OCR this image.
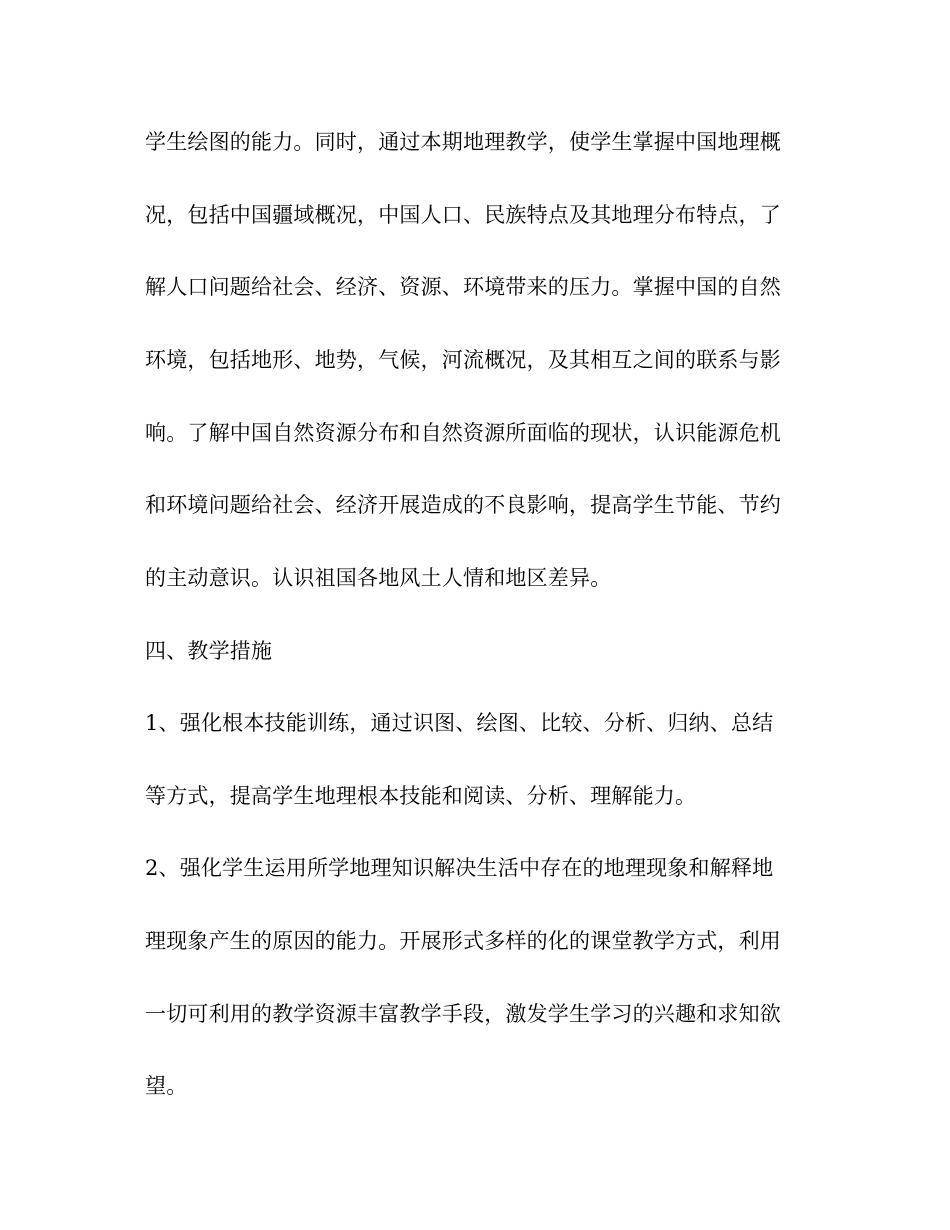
学生绘图的能力。同时，通过本期地理教学，使学生掌握中国地理概
况，包括中国疆域概况，中国人口、民族特点及其地理分布特点，了
解人口问题给社会、经济、资源、环境带来的压力。掌握中国的自然
环境，包括地形、地势，气候，河流概况，及其相互之间的联系与影
响。了解中国自然资源分布和自然资源所面临的现状，认识能源危机
和环境问题给社会、经济开展造成的不良影响，提高学生节能、节约
的主动意识。认识祖国各地风土人情和地区差异。
四、教学措施
1、强化根本技能训练，通过识图、绘图、比较、分析、归纳、总结
等方式，提高学生地理根本技能和阅读、分析、理解能力。
2、强化学生运用所学地理知识解决生活中存在的地理现象和解释地
理现象产生的原因的能力。开展形式多样的化的课堂教学方式，利用
一切可利用的教学资源丰富教学手段，激发学生学习的兴趣和求知欲
望。
